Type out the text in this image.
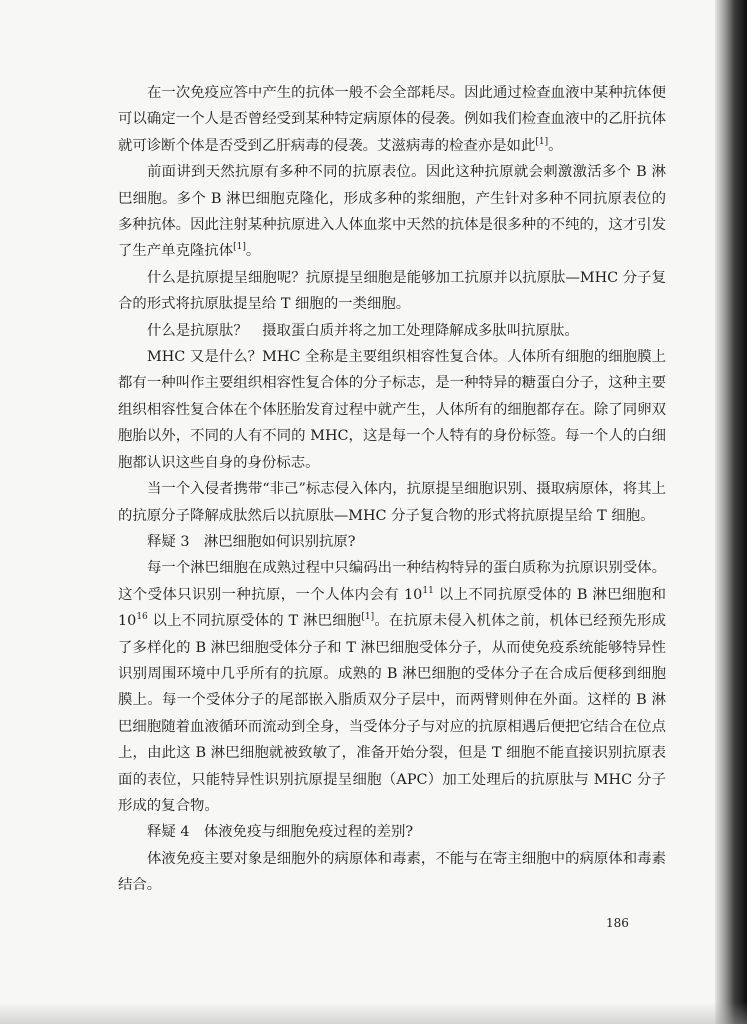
在一次免疫应答中产生的抗体一般不会全部耗尽。因此通过检查血液中某种抗体便可以确定一个人是否曾经受到某种特定病原体的侵袭。例如我们检查血液中的乙肝抗体就可诊断个体是否受到乙肝病毒的侵袭。艾滋病毒的检查亦是如此[1]。

前面讲到天然抗原有多种不同的抗原表位。因此这种抗原就会刺激激活多个 B 淋巴细胞。多个 B 淋巴细胞克隆化，形成多种的浆细胞，产生针对多种不同抗原表位的多种抗体。因此注射某种抗原进入人体血浆中天然的抗体是很多种的不纯的，这才引发了生产单克隆抗体[1]。

什么是抗原提呈细胞呢？抗原提呈细胞是能够加工抗原并以抗原肽—MHC 分子复合的形式将抗原肽提呈给 T 细胞的一类细胞。

什么是抗原肽？　摄取蛋白质并将之加工处理降解成多肽叫抗原肽。

MHC 又是什么？MHC 全称是主要组织相容性复合体。人体所有细胞的细胞膜上都有一种叫作主要组织相容性复合体的分子标志，是一种特异的糖蛋白分子，这种主要组织相容性复合体在个体胚胎发育过程中就产生，人体所有的细胞都存在。除了同卵双胞胎以外，不同的人有不同的 MHC，这是每一个人特有的身份标签。每一个人的白细胞都认识这些自身的身份标志。

当一个入侵者携带“非己”标志侵入体内，抗原提呈细胞识别、摄取病原体，将其上的抗原分子降解成肽然后以抗原肽—MHC 分子复合物的形式将抗原提呈给 T 细胞。

释疑 3　淋巴细胞如何识别抗原?

每一个淋巴细胞在成熟过程中只编码出一种结构特异的蛋白质称为抗原识别受体。这个受体只识别一种抗原，一个人体内会有 $10^{11}$ 以上不同抗原受体的 B 淋巴细胞和 $10^{16}$ 以上不同抗原受体的 T 淋巴细胞[1]。在抗原未侵入机体之前，机体已经预先形成了多样化的 B 淋巴细胞受体分子和 T 淋巴细胞受体分子，从而使免疫系统能够特异性识别周围环境中几乎所有的抗原。成熟的 B 淋巴细胞的受体分子在合成后便移到细胞膜上。每一个受体分子的尾部嵌入脂质双分子层中，而两臂则伸在外面。这样的 B 淋巴细胞随着血液循环而流动到全身，当受体分子与对应的抗原相遇后便把它结合在位点上，由此这 B 淋巴细胞就被致敏了，准备开始分裂，但是 T 细胞不能直接识别抗原表面的表位，只能特异性识别抗原提呈细胞（APC）加工处理后的抗原肽与 MHC 分子形成的复合物。

释疑 4　体液免疫与细胞免疫过程的差别?

体液免疫主要对象是细胞外的病原体和毒素，不能与在寄主细胞中的病原体和毒素结合。

186
